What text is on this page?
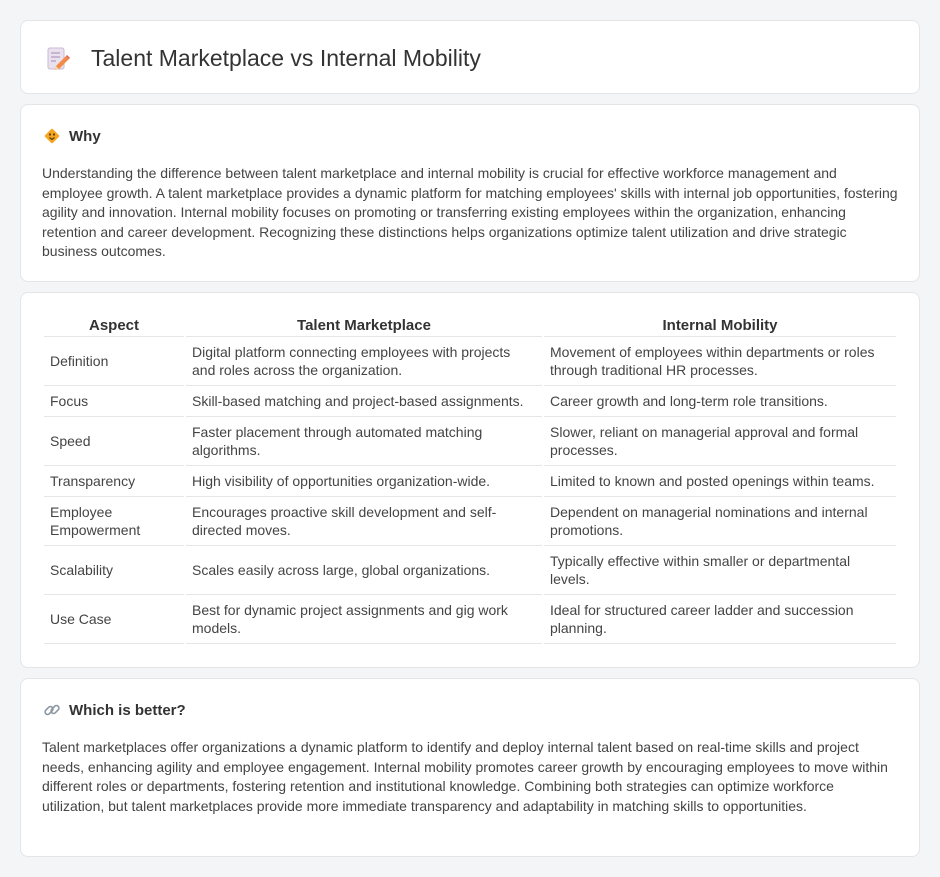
Talent Marketplace vs Internal Mobility
Why

Understanding the difference between talent marketplace and internal mobility is crucial for effective workforce management and employee growth. A talent marketplace provides a dynamic platform for matching employees' skills with internal job opportunities, fostering agility and innovation. Internal mobility focuses on promoting or transferring existing employees within the organization, enhancing retention and career development. Recognizing these distinctions helps organizations optimize talent utilization and drive strategic business outcomes.

Aspect	Talent Marketplace	Internal Mobility
Definition	Digital platform connecting employees with projects and roles across the organization.	Movement of employees within departments or roles through traditional HR processes.
Focus	Skill-based matching and project-based assignments.	Career growth and long-term role transitions.
Speed	Faster placement through automated matching algorithms.	Slower, reliant on managerial approval and formal processes.
Transparency	High visibility of opportunities organization-wide.	Limited to known and posted openings within teams.
Employee Empowerment	Encourages proactive skill development and self-directed moves.	Dependent on managerial nominations and internal promotions.
Scalability	Scales easily across large, global organizations.	Typically effective within smaller or departmental levels.
Use Case	Best for dynamic project assignments and gig work models.	Ideal for structured career ladder and succession planning.
Which is better?

Talent marketplaces offer organizations a dynamic platform to identify and deploy internal talent based on real-time skills and project needs, enhancing agility and employee engagement. Internal mobility promotes career growth by encouraging employees to move within different roles or departments, fostering retention and institutional knowledge. Combining both strategies can optimize workforce utilization, but talent marketplaces provide more immediate transparency and adaptability in matching skills to opportunities.
